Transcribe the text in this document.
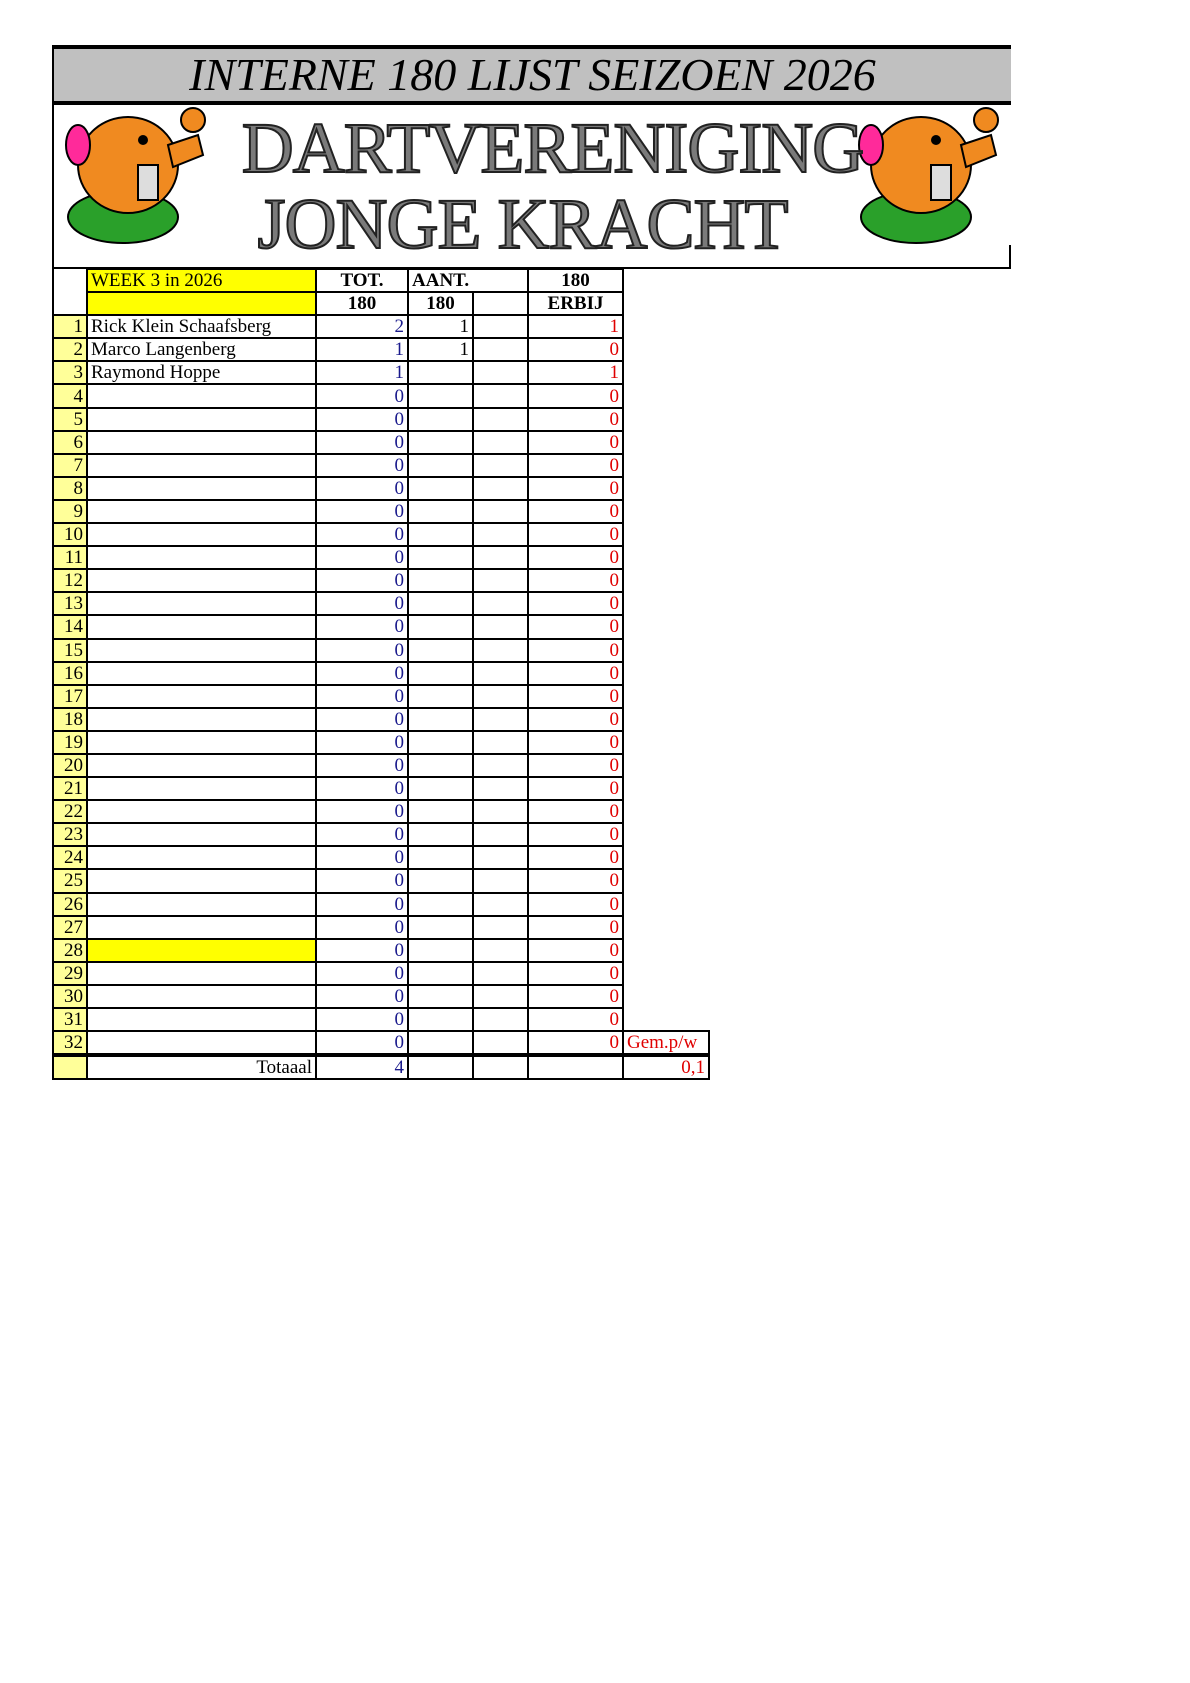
INTERNE 180 LIJST SEIZOEN 2026
DARTVERENIGING
JONGE KRACHT
	WEEK 3 in 2026	TOT.	AANT.		180	
		180	180		ERBIJ	
1	Rick Klein Schaafsberg	2	1		1	
2	Marco Langenberg	1	1		0	
3	Raymond Hoppe	1			1	
4		0			0	
5		0			0	
6		0			0	
7		0			0	
8		0			0	
9		0			0	
10		0			0	
11		0			0	
12		0			0	
13		0			0	
14		0			0	
15		0			0	
16		0			0	
17		0			0	
18		0			0	
19		0			0	
20		0			0	
21		0			0	
22		0			0	
23		0			0	
24		0			0	
25		0			0	
26		0			0	
27		0			0	
28		0			0	
29		0			0	
30		0			0	
31		0			0	
32		0			0	Gem.p/w
	Totaaal	4				0,1
